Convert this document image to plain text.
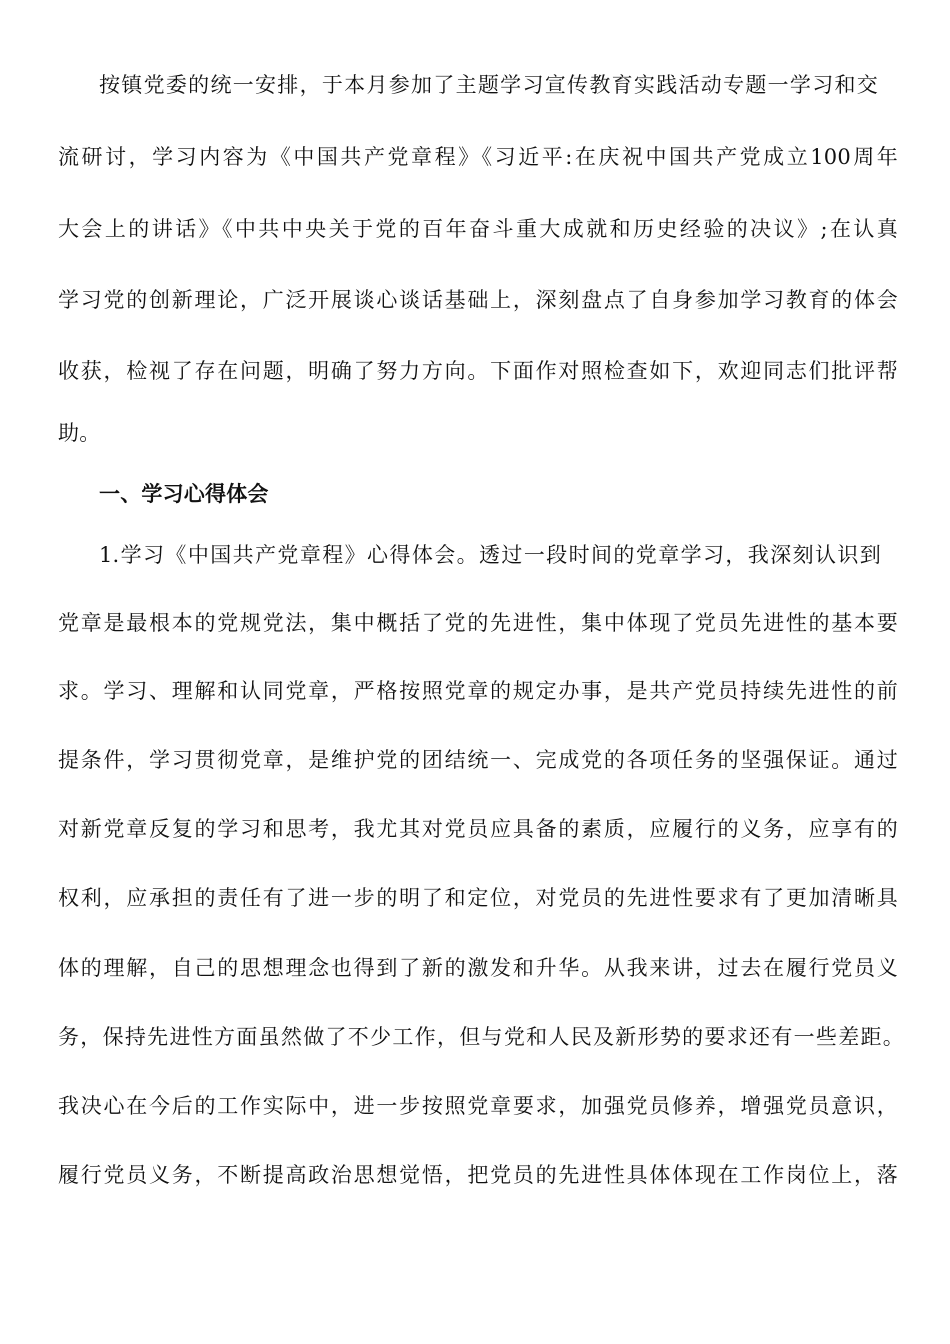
按镇党委的统一安排，于本月参加了主题学习宣传教育实践活动专题一学习和交
流研讨，学习内容为《中国共产党章程》《习近平:在庆祝中国共产党成立100周年
大会上的讲话》《中共中央关于党的百年奋斗重大成就和历史经验的决议》;在认真
学习党的创新理论，广泛开展谈心谈话基础上，深刻盘点了自身参加学习教育的体会
收获，检视了存在问题，明确了努力方向。下面作对照检查如下，欢迎同志们批评帮
助。
一、学习心得体会
1.学习《中国共产党章程》心得体会。透过一段时间的党章学习，我深刻认识到
党章是最根本的党规党法，集中概括了党的先进性，集中体现了党员先进性的基本要
求。学习、理解和认同党章，严格按照党章的规定办事，是共产党员持续先进性的前
提条件，学习贯彻党章，是维护党的团结统一、完成党的各项任务的坚强保证。通过
对新党章反复的学习和思考，我尤其对党员应具备的素质，应履行的义务，应享有的
权利，应承担的责任有了进一步的明了和定位，对党员的先进性要求有了更加清晰具
体的理解，自己的思想理念也得到了新的激发和升华。从我来讲，过去在履行党员义
务，保持先进性方面虽然做了不少工作，但与党和人民及新形势的要求还有一些差距。
我决心在今后的工作实际中，进一步按照党章要求，加强党员修养，增强党员意识，
履行党员义务，不断提高政治思想觉悟，把党员的先进性具体体现在工作岗位上，落
